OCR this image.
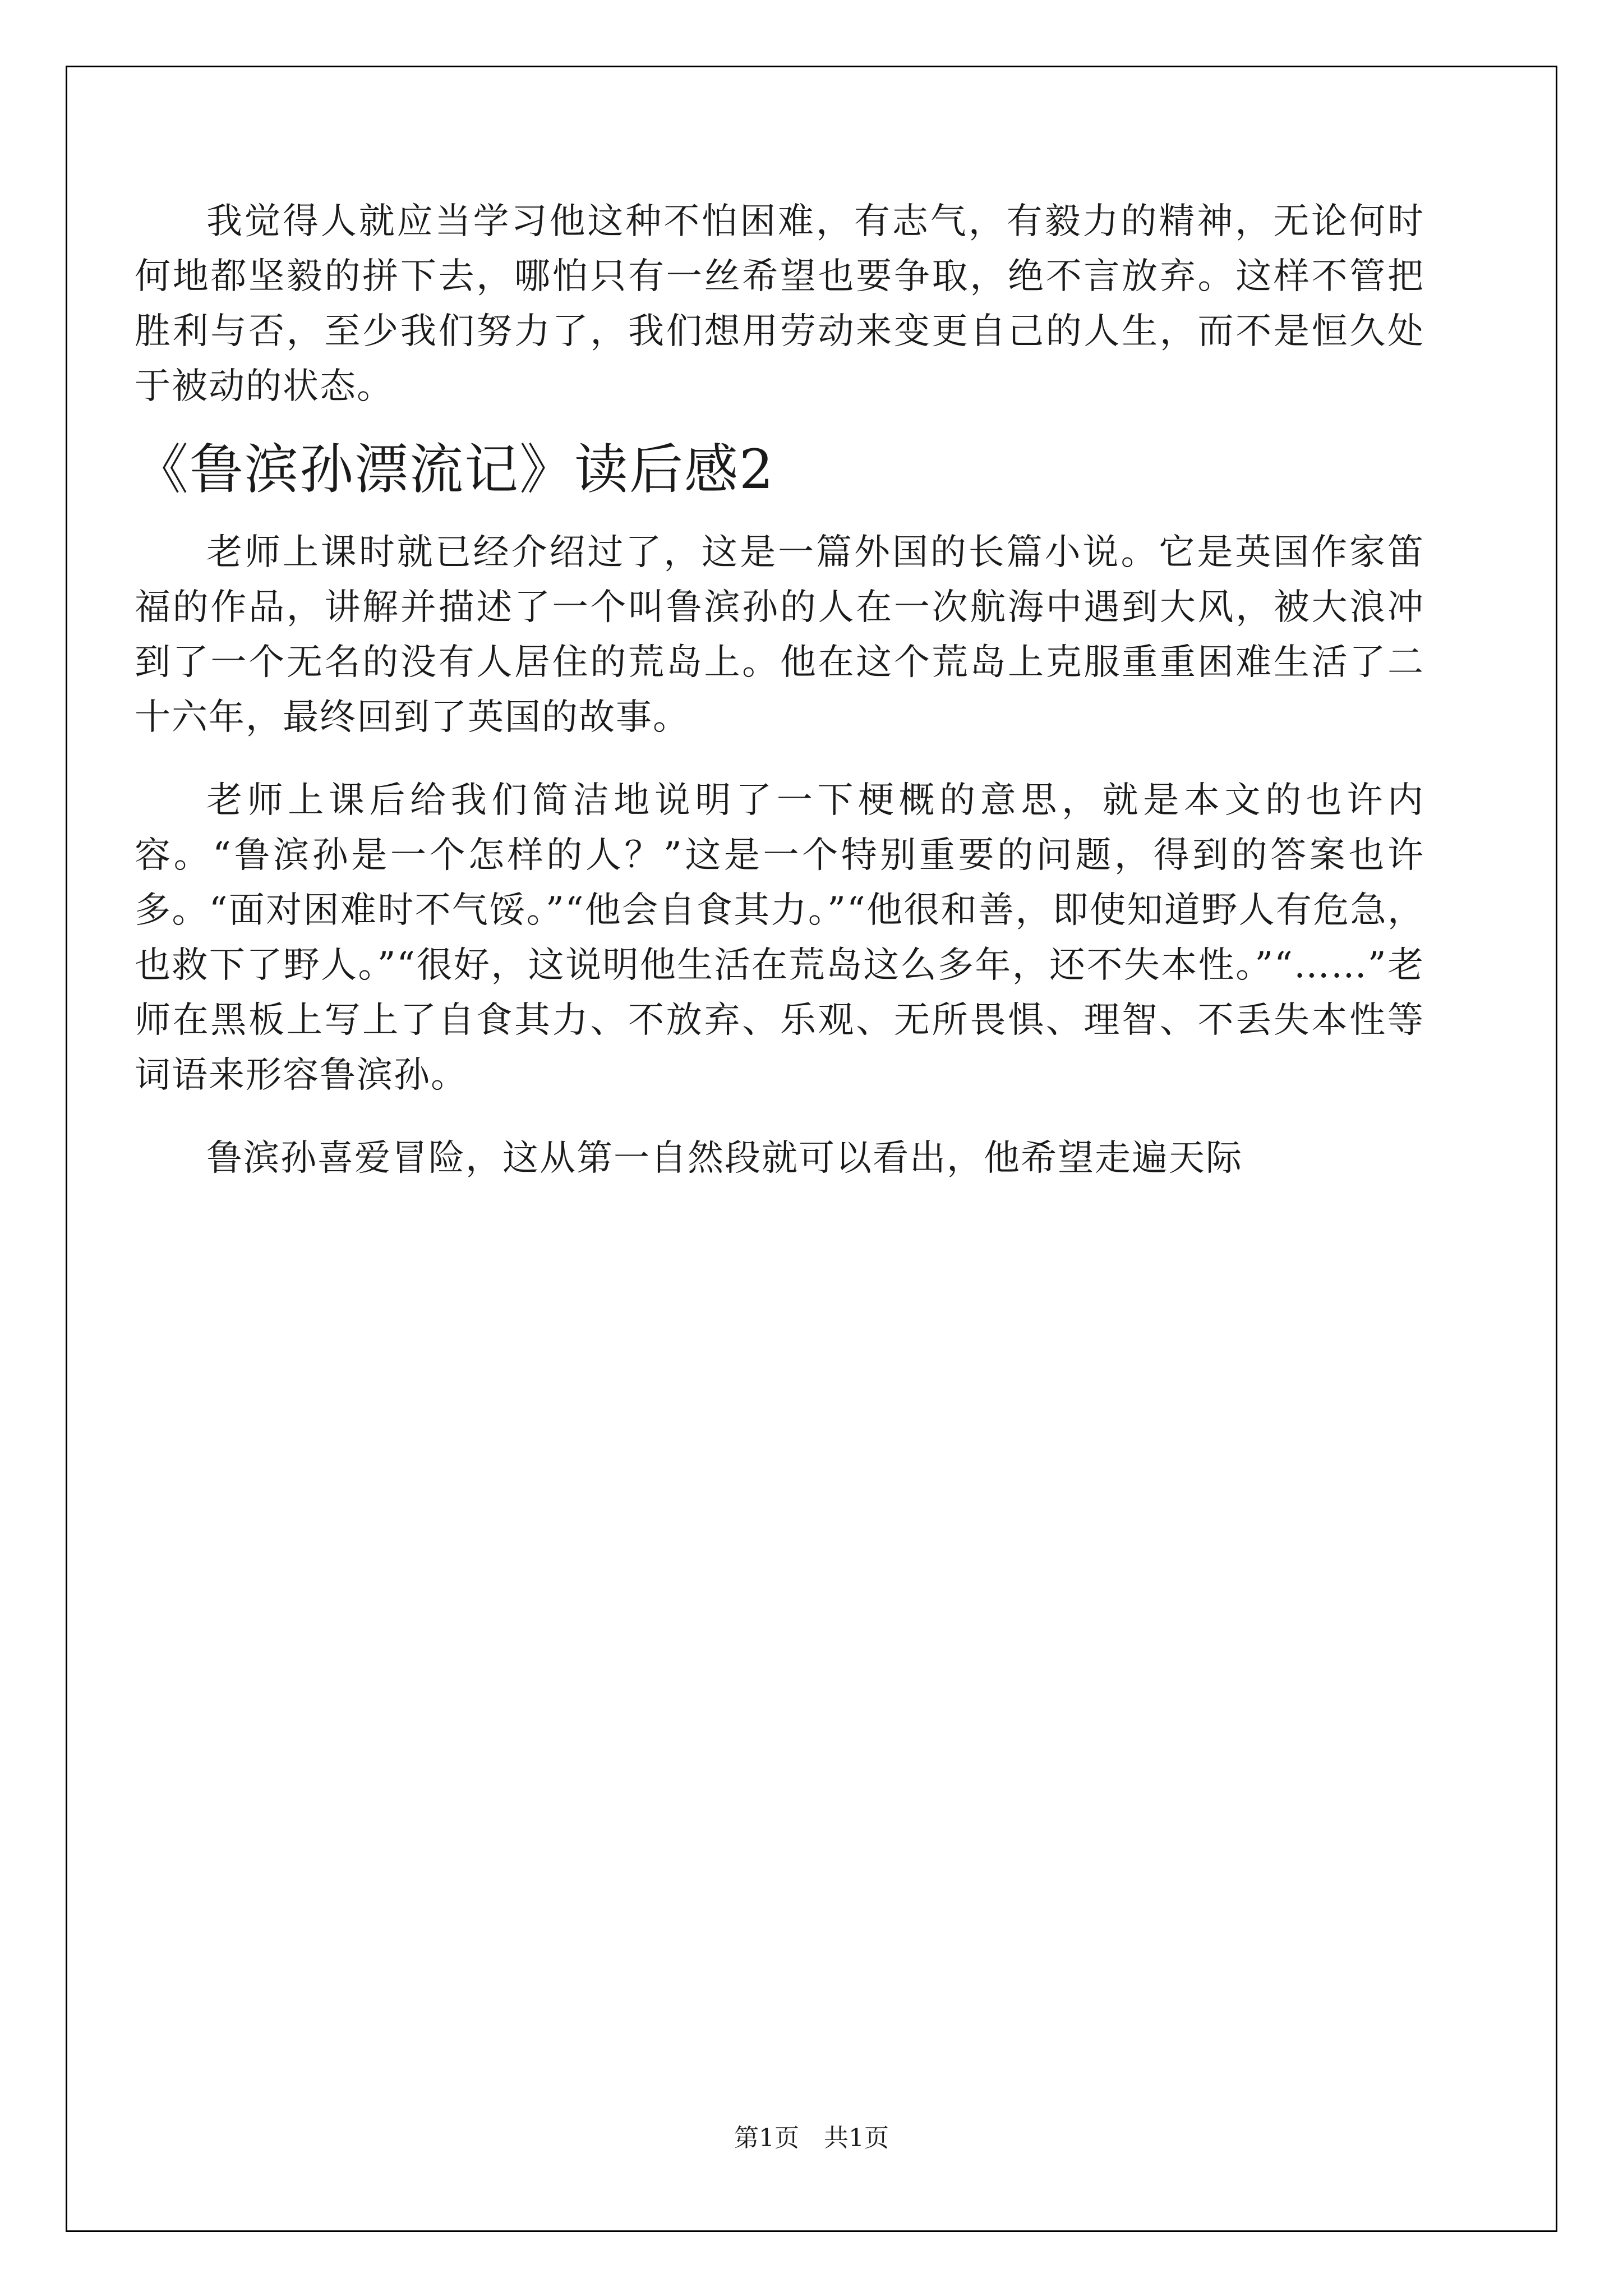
我觉得人就应当学习他这种不怕困难，有志气，有毅力的精神，无论何时何地都坚毅的拼下去，哪怕只有一丝希望也要争取，绝不言放弃。这样不管把胜利与否，至少我们努力了，我们想用劳动来变更自己的人生，而不是恒久处于被动的状态。

《鲁滨孙漂流记》读后感2

老师上课时就已经介绍过了，这是一篇外国的长篇小说。它是英国作家笛福的作品，讲解并描述了一个叫鲁滨孙的人在一次航海中遇到大风，被大浪冲到了一个无名的没有人居住的荒岛上。他在这个荒岛上克服重重困难生活了二十六年，最终回到了英国的故事。

老师上课后给我们简洁地说明了一下梗概的意思，就是本文的也许内容。“鲁滨孙是一个怎样的人？”这是一个特别重要的问题，得到的答案也许多。“面对困难时不气馁。”“他会自食其力。”“他很和善，即使知道野人有危急，也救下了野人。”“很好，这说明他生活在荒岛这么多年，还不失本性。”“……”老师在黑板上写上了自食其力、不放弃、乐观、无所畏惧、理智、不丢失本性等词语来形容鲁滨孙。

鲁滨孙喜爱冒险，这从第一自然段就可以看出，他希望走遍天际

第1页 共1页
